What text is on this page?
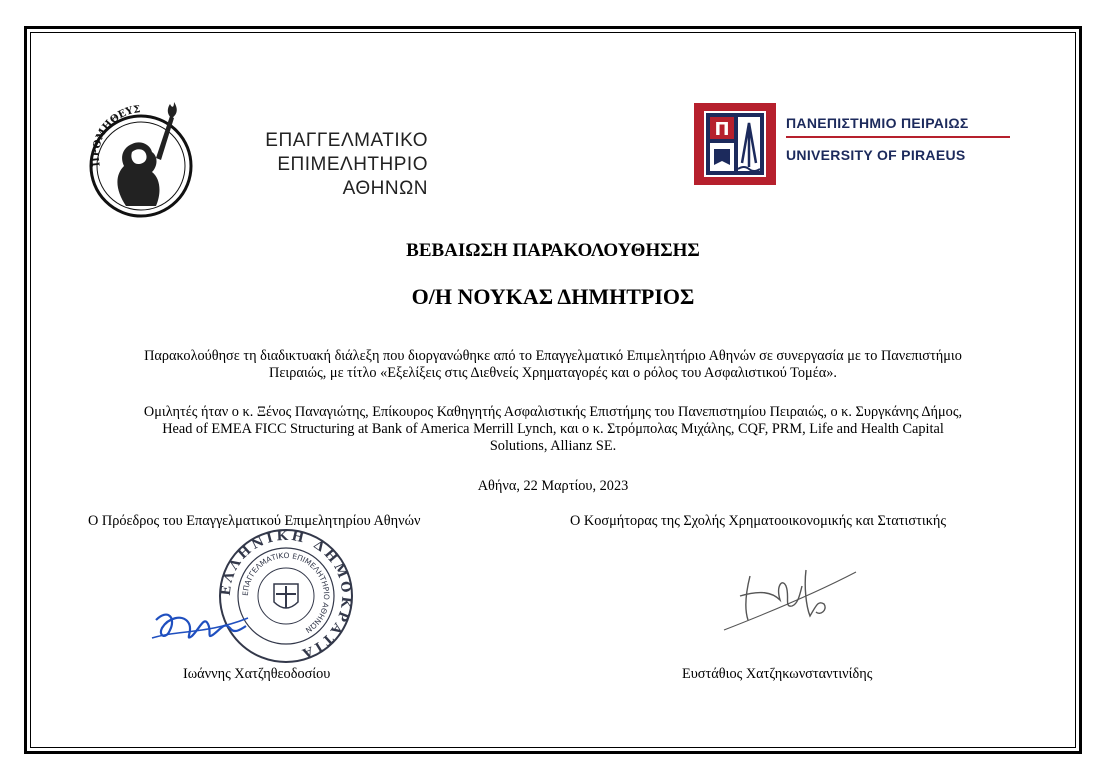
ΠΡΟΜΗΘΕΥΣ
ΕΠΑΓΓΕΛΜΑΤΙΚΟ
ΕΠΙΜΕΛΗΤΗΡΙΟ
ΑΘΗΝΩΝ
Π	ΠΑΝΕΠΙΣΤΗΜΙΟ ΠΕΙΡΑΙΩΣ
UNIVERSITY OF PIRAEUS
ΒΕΒΑΙΩΣΗ ΠΑΡΑΚΟΛΟΥΘΗΣΗΣ
Ο/Η ΝΟΥΚΑΣ ΔΗΜΗΤΡΙΟΣ
Παρακολούθησε τη διαδικτυακή διάλεξη που διοργανώθηκε από το Επαγγελματικό Επιμελητήριο Αθηνών σε συνεργασία με το Πανεπιστήμιο
Πειραιώς, με τίτλο «Εξελίξεις στις Διεθνείς Χρηματαγορές και ο ρόλος του Ασφαλιστικού Τομέα».
Ομιλητές ήταν ο κ. Ξένος Παναγιώτης, Επίκουρος Καθηγητής Ασφαλιστικής Επιστήμης του Πανεπιστημίου Πειραιώς, ο κ. Συργκάνης Δήμος,
Head of EMEA FICC Structuring at Bank of America Merrill Lynch, και ο κ. Στρόμπολας Μιχάλης, CQF, PRM, Life and Health Capital
Solutions, Allianz SE.
Αθήνα, 22 Μαρτίου, 2023
Ο Πρόεδρος του Επαγγελματικού Επιμελητηρίου Αθηνών	Ο Κοσμήτορας της Σχολής Χρηματοοικονομικής και Στατιστικής
ΕΛΛΗΝΙΚΗ ΔΗΜΟΚΡΑΤΙΑ
ΕΠΑΓΓΕΛΜΑΤΙΚΟ ΕΠΙΜΕΛΗΤΗΡΙΟ ΑΘΗΝΩΝ
Ιωάννης Χατζηθεοδοσίου	Ευστάθιος Χατζηκωνσταντινίδης
